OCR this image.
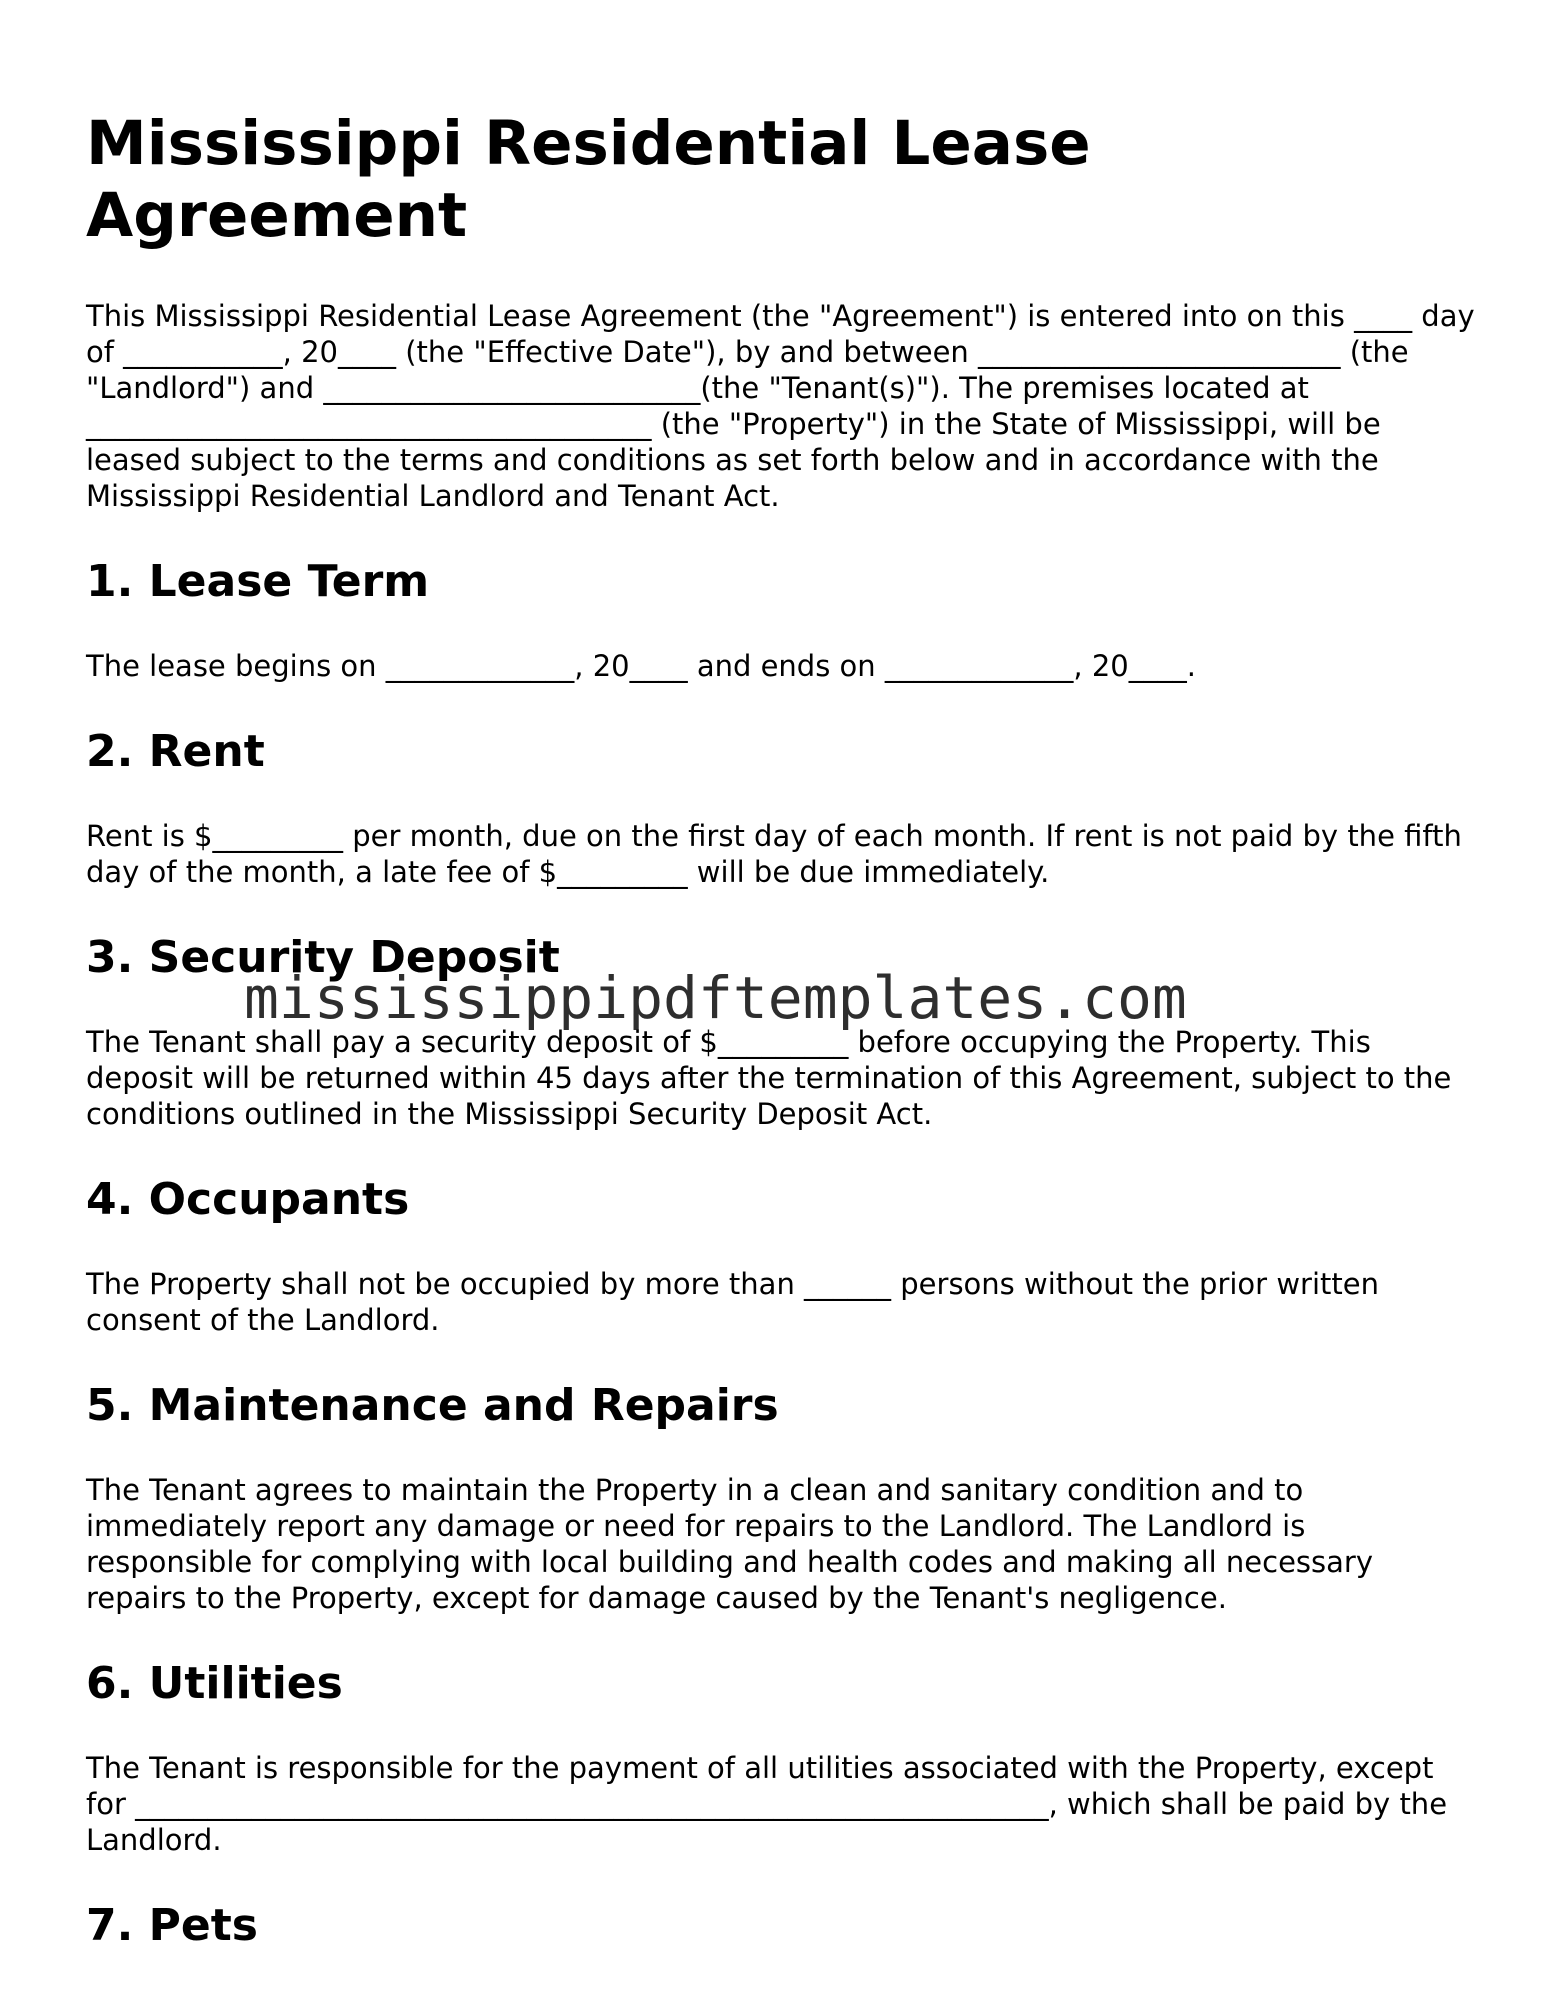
Mississippi Residential Lease Agreement

This Mississippi Residential Lease Agreement (the "Agreement") is entered into on this ____ day of ___________, 20____ (the "Effective Date"), by and between _________________________ (the "Landlord") and __________________________(the "Tenant(s)"). The premises located at _______________________________________ (the "Property") in the State of Mississippi, will be leased subject to the terms and conditions as set forth below and in accordance with the Mississippi Residential Landlord and Tenant Act.

1. Lease Term

The lease begins on _____________, 20____ and ends on _____________, 20____.

2. Rent

Rent is $_________ per month, due on the first day of each month. If rent is not paid by the fifth day of the month, a late fee of $_________ will be due immediately.

3. Security Deposit

The Tenant shall pay a security deposit of $_________ before occupying the Property. This deposit will be returned within 45 days after the termination of this Agreement, subject to the conditions outlined in the Mississippi Security Deposit Act.

4. Occupants

The Property shall not be occupied by more than ______ persons without the prior written consent of the Landlord.

5. Maintenance and Repairs

The Tenant agrees to maintain the Property in a clean and sanitary condition and to immediately report any damage or need for repairs to the Landlord. The Landlord is responsible for complying with local building and health codes and making all necessary repairs to the Property, except for damage caused by the Tenant's negligence.

6. Utilities

The Tenant is responsible for the payment of all utilities associated with the Property, except for _______________________________________________________________, which shall be paid by the Landlord.

7. Pets

mississippipdftemplates.com
